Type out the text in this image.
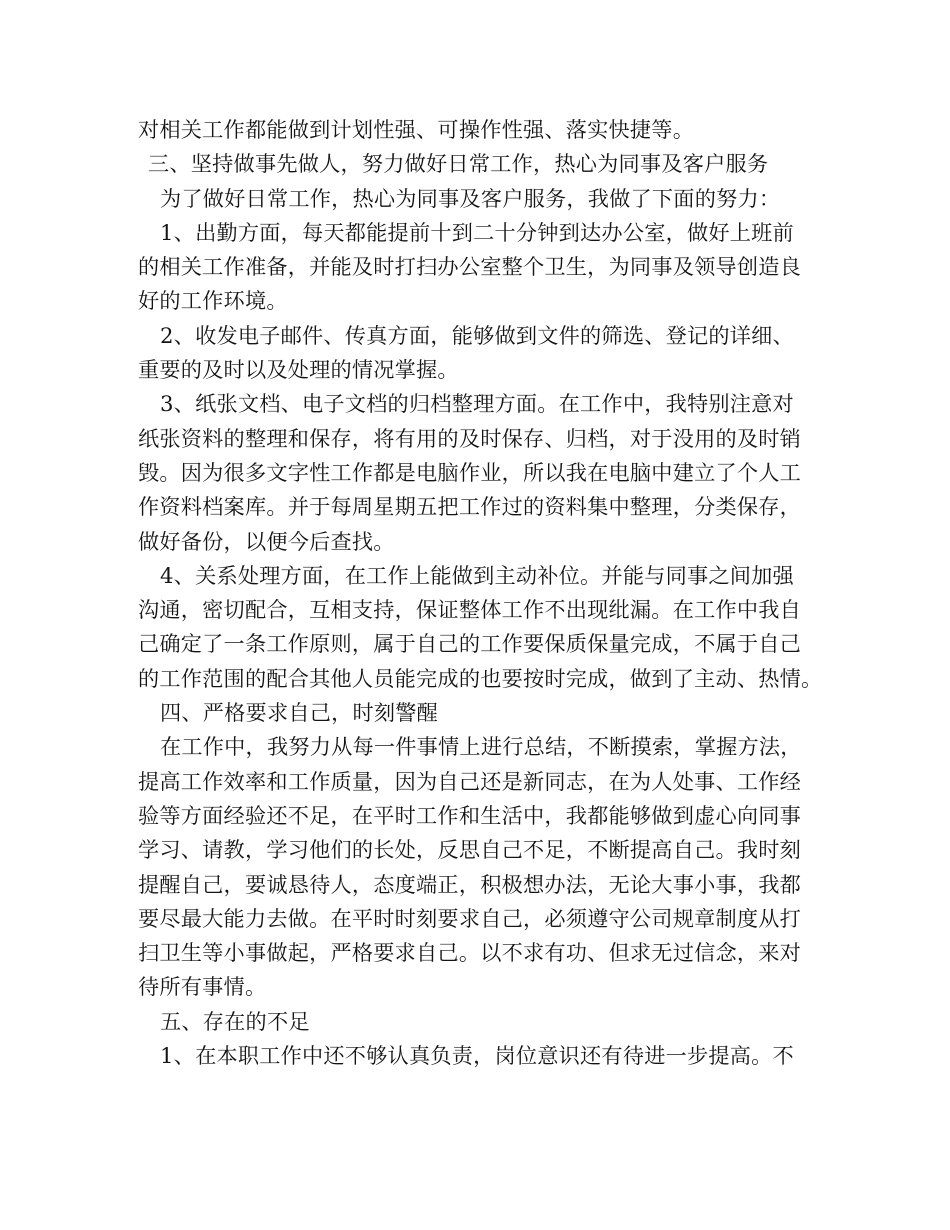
对相关工作都能做到计划性强、可操作性强、落实快捷等。
三、坚持做事先做人，努力做好日常工作，热心为同事及客户服务
为了做好日常工作，热心为同事及客户服务，我做了下面的努力：
1、出勤方面，每天都能提前十到二十分钟到达办公室，做好上班前
的相关工作准备，并能及时打扫办公室整个卫生，为同事及领导创造良
好的工作环境。
2、收发电子邮件、传真方面，能够做到文件的筛选、登记的详细、
重要的及时以及处理的情况掌握。
3、纸张文档、电子文档的归档整理方面。在工作中，我特别注意对
纸张资料的整理和保存，将有用的及时保存、归档，对于没用的及时销
毁。因为很多文字性工作都是电脑作业，所以我在电脑中建立了个人工
作资料档案库。并于每周星期五把工作过的资料集中整理，分类保存，
做好备份，以便今后查找。
4、关系处理方面，在工作上能做到主动补位。并能与同事之间加强
沟通，密切配合，互相支持，保证整体工作不出现纰漏。在工作中我自
己确定了一条工作原则，属于自己的工作要保质保量完成，不属于自己
的工作范围的配合其他人员能完成的也要按时完成，做到了主动、热情。
四、严格要求自己，时刻警醒
在工作中，我努力从每一件事情上进行总结，不断摸索，掌握方法，
提高工作效率和工作质量，因为自己还是新同志，在为人处事、工作经
验等方面经验还不足，在平时工作和生活中，我都能够做到虚心向同事
学习、请教，学习他们的长处，反思自己不足，不断提高自己。我时刻
提醒自己，要诚恳待人，态度端正，积极想办法，无论大事小事，我都
要尽最大能力去做。在平时时刻要求自己，必须遵守公司规章制度从打
扫卫生等小事做起，严格要求自己。以不求有功、但求无过信念，来对
待所有事情。
五、存在的不足
1、在本职工作中还不够认真负责，岗位意识还有待进一步提高。不
